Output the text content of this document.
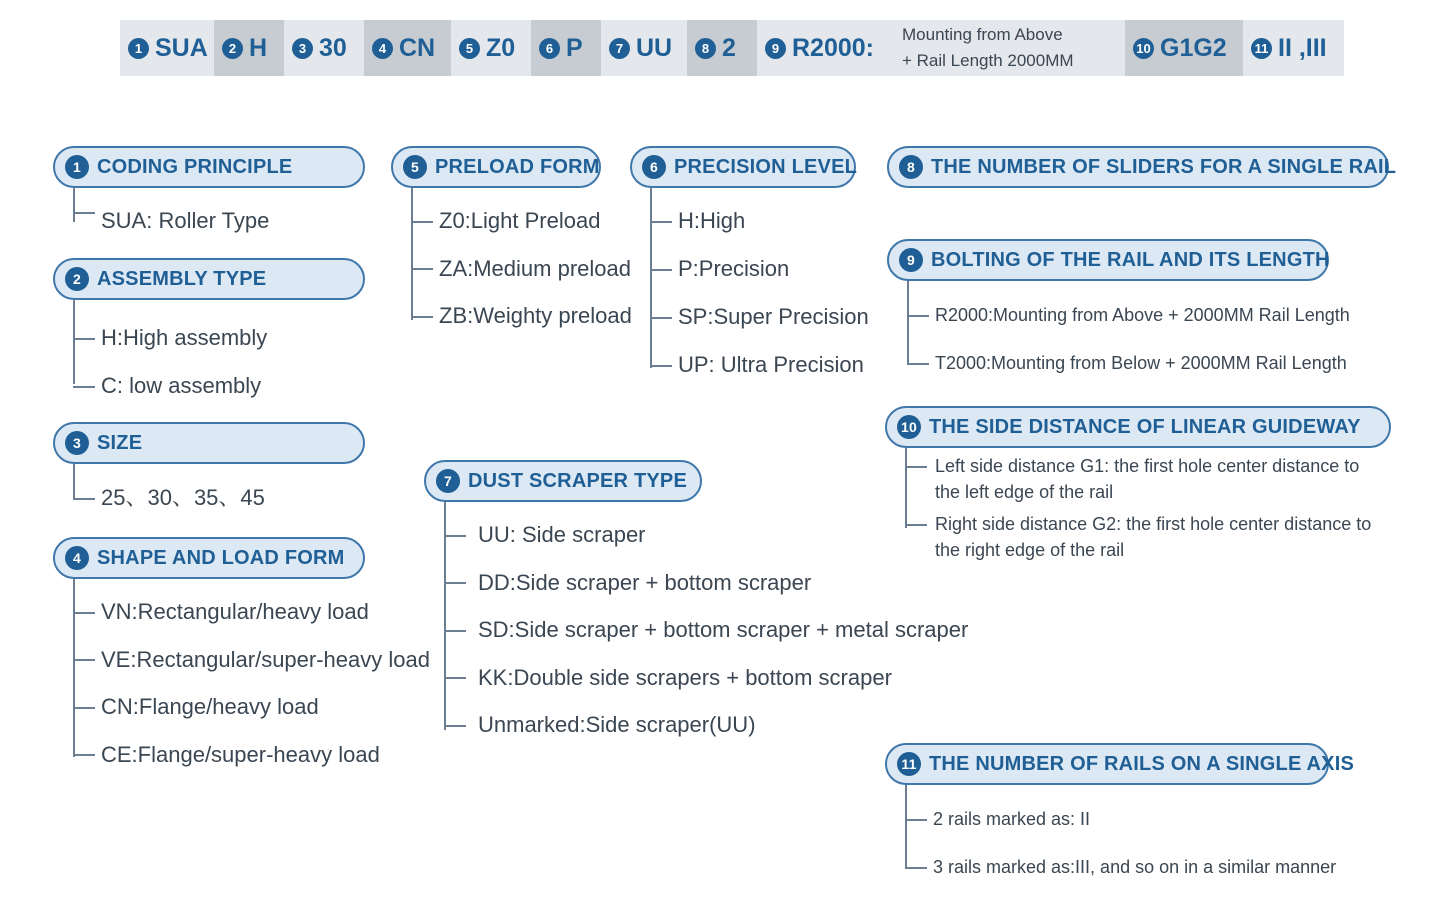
1 SUA	2 H	3 30	4 CN	5 Z0	6 P	7 UU	8 2	9 R2000: Mounting from Above
+ Rail Length 2000MM
10 G1G2 11 II ,III
1 CODING PRINCIPLE
SUA: Roller Type
2 ASSEMBLY TYPE
H:High assembly
C: low assembly
3 SIZE
25、30、35、45
4 SHAPE AND LOAD FORM
VN:Rectangular/heavy load
VE:Rectangular/super-heavy load
CN:Flange/heavy load
CE:Flange/super-heavy load
5 PRELOAD FORM
Z0:Light Preload
ZA:Medium preload
ZB:Weighty preload
6 PRECISION LEVEL
H:High
P:Precision
SP:Super Precision
UP: Ultra Precision
7 DUST SCRAPER TYPE
UU: Side scraper
DD:Side scraper + bottom scraper
SD:Side scraper + bottom scraper + metal scraper
KK:Double side scrapers + bottom scraper
Unmarked:Side scraper(UU)
8 THE NUMBER OF SLIDERS FOR A SINGLE RAIL
9 BOLTING OF THE RAIL AND ITS LENGTH
R2000:Mounting from Above + 2000MM Rail Length
T2000:Mounting from Below + 2000MM Rail Length
10 THE SIDE DISTANCE OF LINEAR GUIDEWAY
Left side distance G1: the first hole center distance to
the left edge of the rail
Right side distance G2: the first hole center distance to
the right edge of the rail
11 THE NUMBER OF RAILS ON A SINGLE AXIS
2 rails marked as: II
3 rails marked as:III, and so on in a similar manner
